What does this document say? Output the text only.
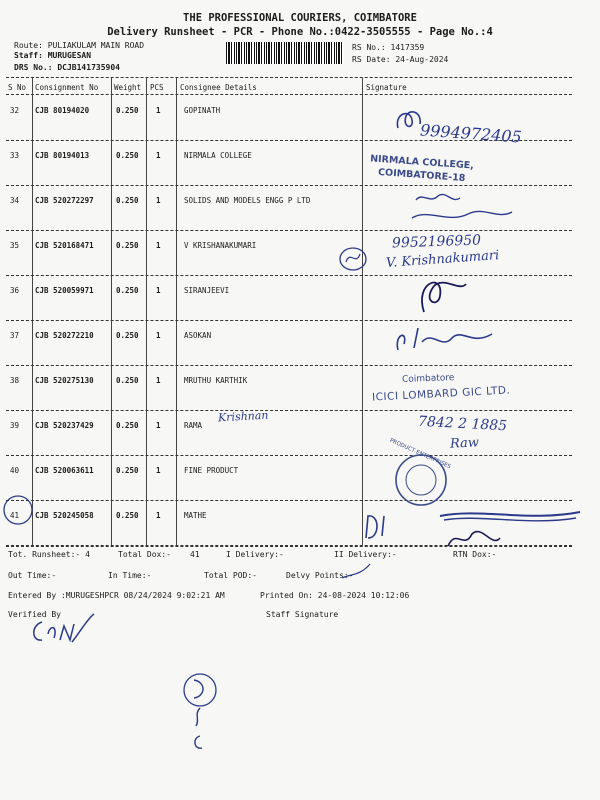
THE PROFESSIONAL COURIERS, COIMBATORE
Delivery Runsheet - PCR - Phone No.:0422-3505555 - Page No.:4
Route: PULIAKULAM MAIN ROAD
Staff: MURUGESAN
DRS No.: DCJB141735904
RS No.: 1417359
RS Date: 24-Aug-2024
S No Consignment No Weight PCS Consignee Details	Signature
32 CJB 80194020	0.250 1	GOPINATH
33 CJB 80194013	0.250 1	NIRMALA COLLEGE
34 CJB 520272297	0.250 1	SOLIDS AND MODELS ENGG P LTD
35 CJB 520168471	0.250 1	V KRISHANAKUMARI
36 CJB 520059971	0.250 1	SIRANJEEVI
37 CJB 520272210	0.250 1	ASOKAN
38 CJB 520275130	0.250 1	MRUTHU KARTHIK
39 CJB 520237429	0.250 1	RAMA
40 CJB 520063611	0.250 1	FINE PRODUCT
41 CJB 520245058	0.250 1	MATHE
9994972405
NIRMALA COLLEGE,
COIMBATORE-18
9952196950
V. Krishnakumari
Coimbatore
ICICI LOMBARD GIC LTD.
Krishnan	7842 2 1885
Raw
PRODUCT ENTERPRISES
Tot. Runsheet:- 4	Total Dox:- 41	I Delivery:-	II Delivery:-	RTN Dox:-
Out Time:-	In Time:-	Total POD:-	Delvy Points:-
Entered By :MURUGESHPCR 08/24/2024 9:02:21 AM	Printed On: 24-08-2024 10:12:06
Verified By	Staff Signature
